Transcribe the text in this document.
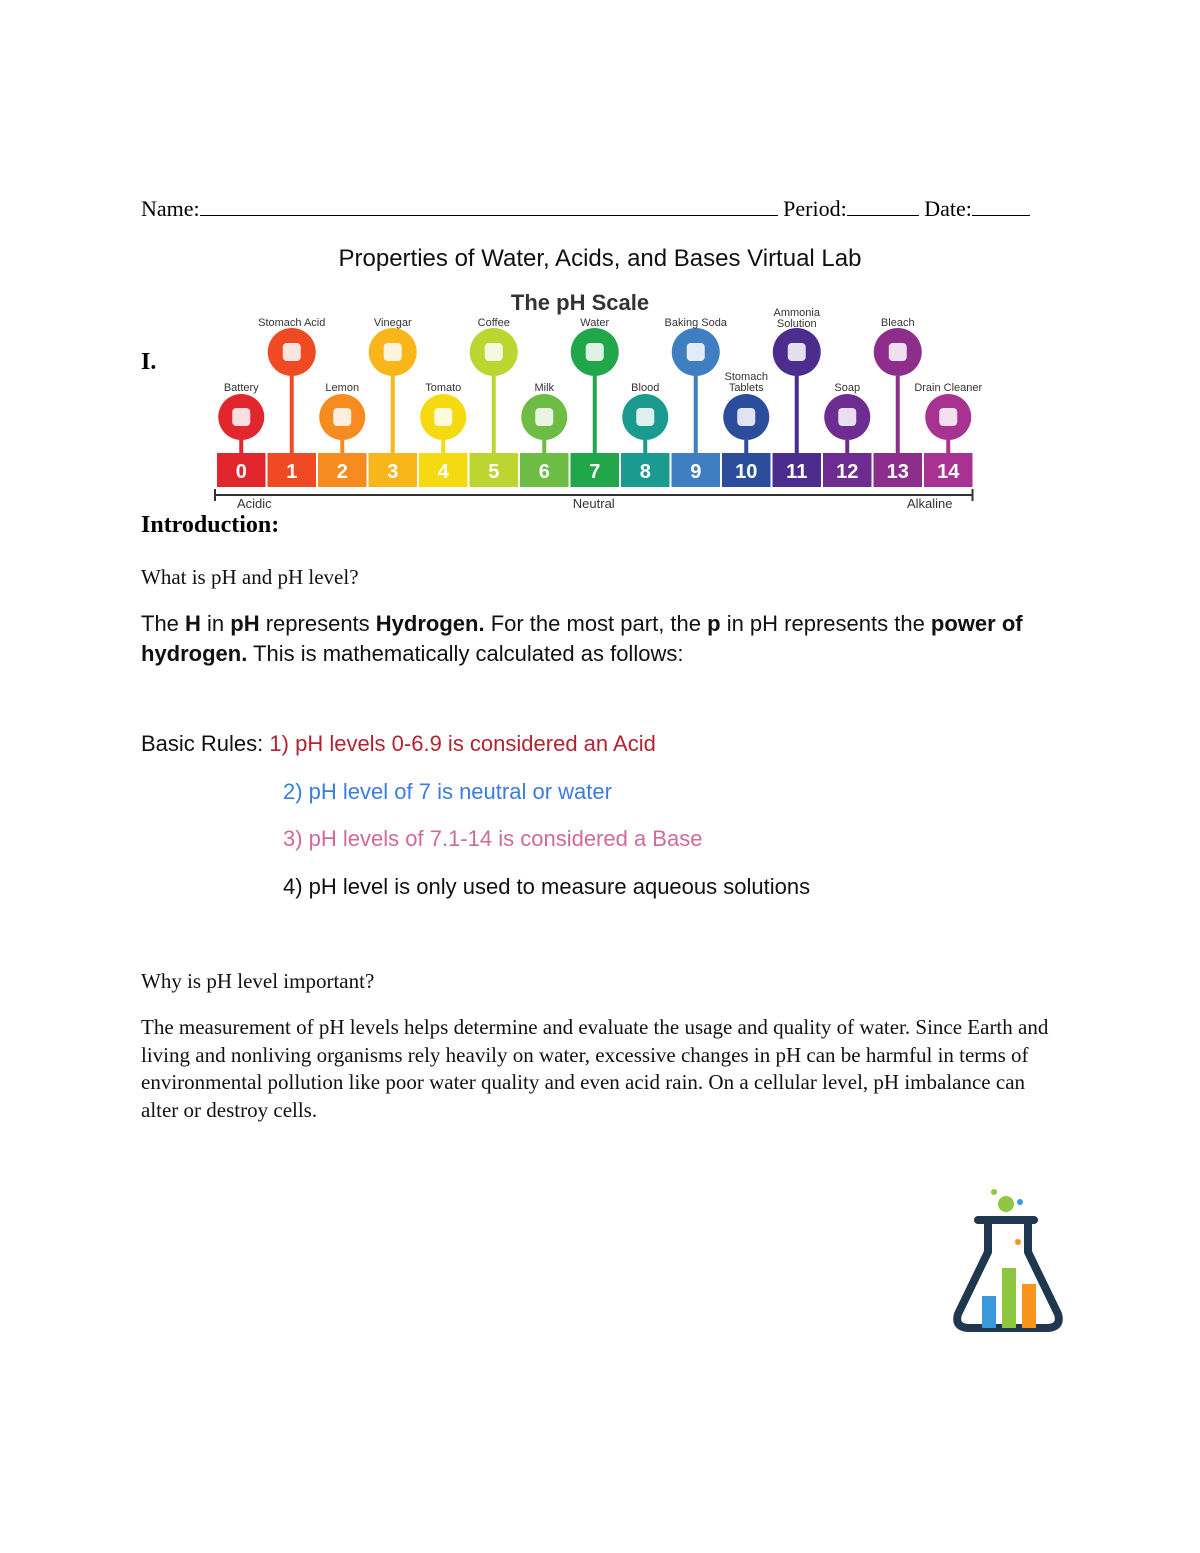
Name:	Period:	Date:
Properties of Water, Acids, and Bases Virtual Lab
I.
The pH Scale
Battery
Stomach Acid
Lemon
Vinegar
Tomato
Coffee
Milk
Water
Blood
Baking Soda
Stomach
Tablets
Ammonia
Solution
Soap
Bleach
Drain Cleaner
0 1 2 3 4 5 6 7 8 9 10 11 12 13 14
Acidic	Neutral	Alkaline
Introduction:
What is pH and pH level?
The H in pH represents Hydrogen. For the most part, the p in pH represents the power of hydrogen. This is mathematically calculated as follows:
Basic Rules: 1) pH levels 0-6.9 is considered an Acid
2) pH level of 7 is neutral or water
3) pH levels of 7.1-14 is considered a Base
4) pH level is only used to measure aqueous solutions
Why is pH level important?
The measurement of pH levels helps determine and evaluate the usage and quality of water. Since Earth and living and nonliving organisms rely heavily on water, excessive changes in pH can be harmful in terms of environmental pollution like poor water quality and even acid rain. On a cellular level, pH imbalance can alter or destroy cells.
